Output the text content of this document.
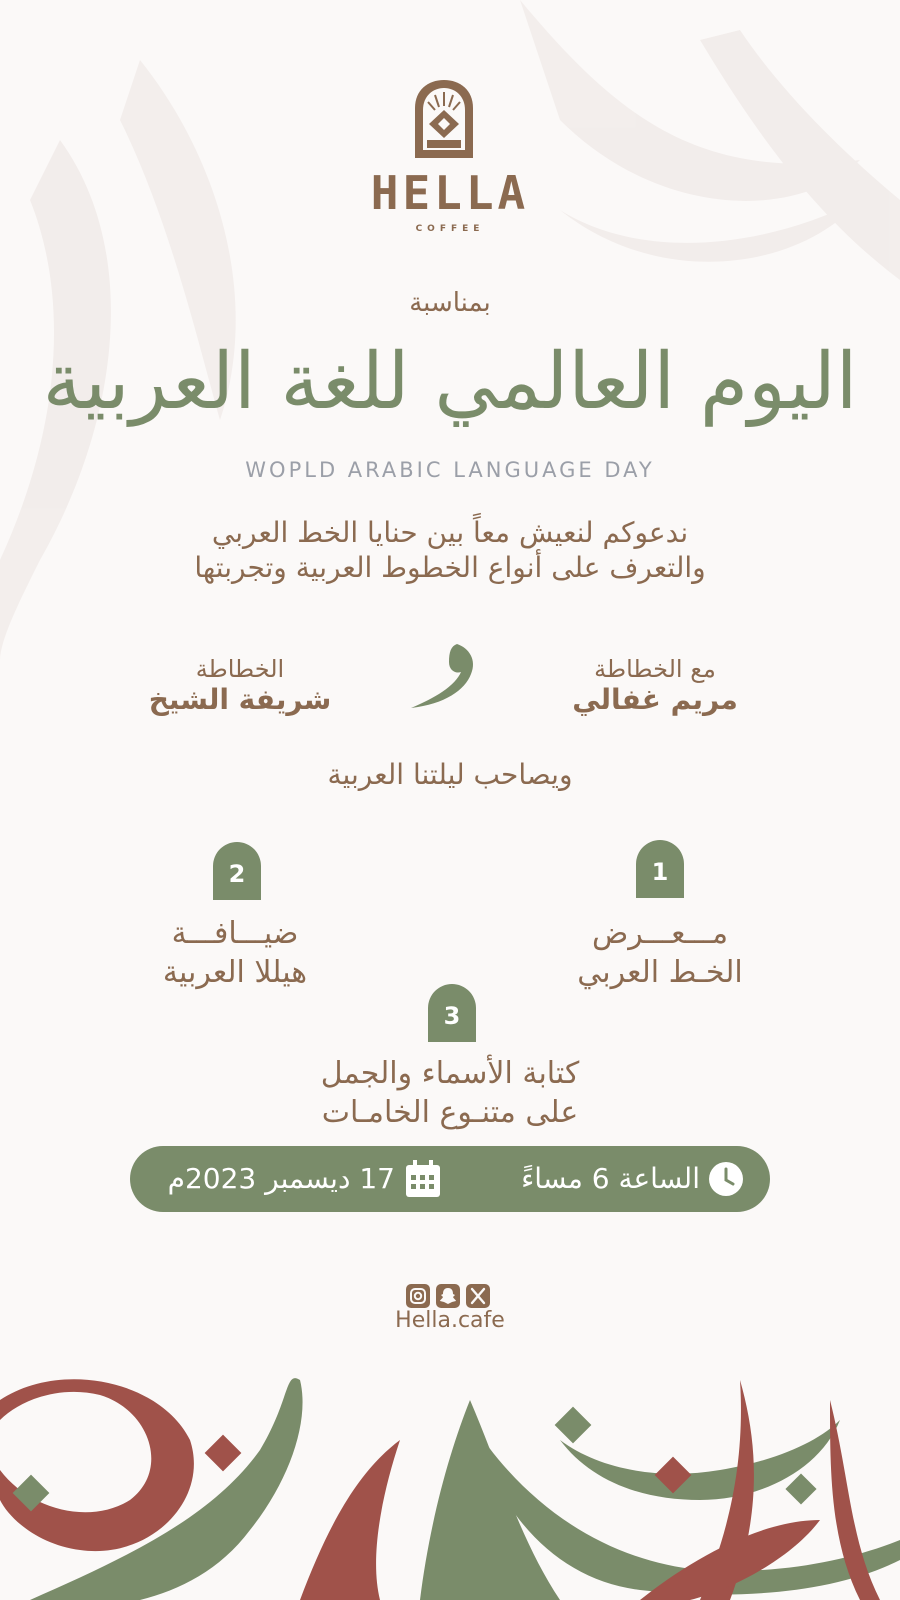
HELLA
COFFEE
بمناسبة
اليوم العالمي للغة العربية
WOPLD ARABIC LANGUAGE DAY
ندعوكم لنعيش معاً بين حنايا الخط العربي
والتعرف على أنواع الخطوط العربية وتجربتها
مع الخطاطة
مريم غفالي
الخطاطة
شريفة الشيخ
ويصاحب ليلتنا العربية
1
مـــعـــرض
الخـط العربي
2
ضيـــافـــة
هيللا العربية
3
كتابة الأسماء والجمل
على متنـوع الخامـات
الساعة 6 مساءً
17 ديسمبر 2023م
Hella.cafe
